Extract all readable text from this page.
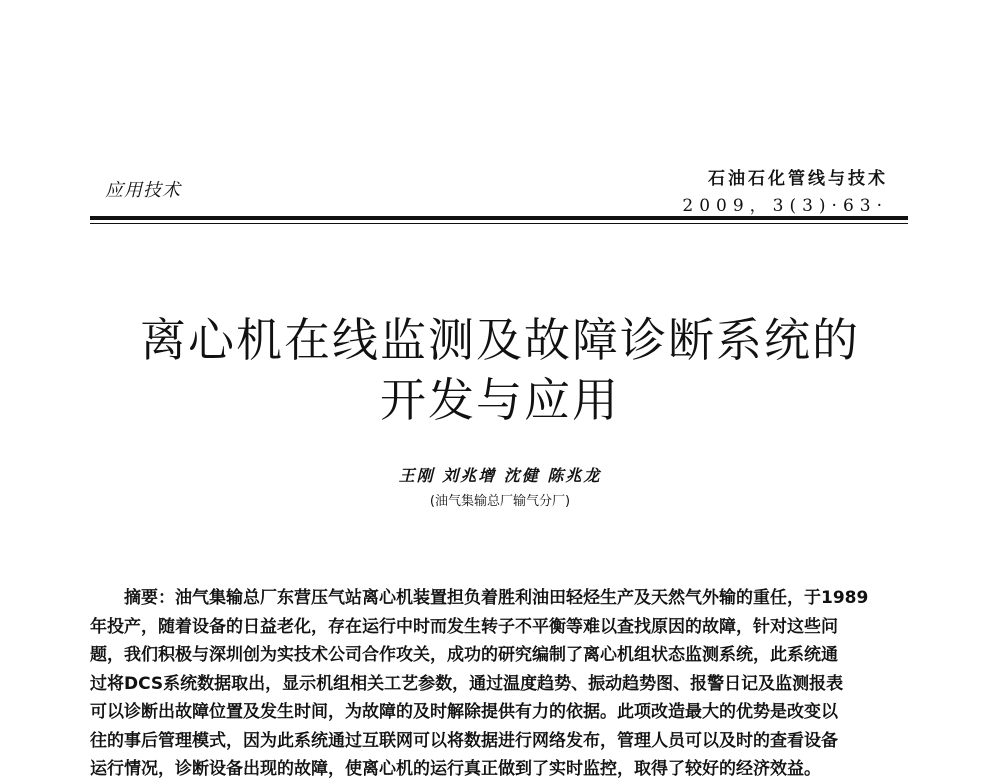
应用技术
石油石化管线与技术
2009，3(3)·63·
离心机在线监测及故障诊断系统的
开发与应用
王刚 刘兆增 沈健 陈兆龙
(油气集输总厂输气分厂)
摘要：油气集输总厂东营压气站离心机装置担负着胜利油田轻烃生产及天然气外输的重任，于1989
年投产，随着设备的日益老化，存在运行中时而发生转子不平衡等难以查找原因的故障，针对这些问
题，我们积极与深圳创为实技术公司合作攻关，成功的研究编制了离心机组状态监测系统，此系统通
过将DCS系统数据取出，显示机组相关工艺参数，通过温度趋势、振动趋势图、报警日记及监测报表
可以诊断出故障位置及发生时间，为故障的及时解除提供有力的依据。此项改造最大的优势是改变以
往的事后管理模式，因为此系统通过互联网可以将数据进行网络发布，管理人员可以及时的查看设备
运行情况，诊断设备出现的故障，使离心机的运行真正做到了实时监控，取得了较好的经济效益。
